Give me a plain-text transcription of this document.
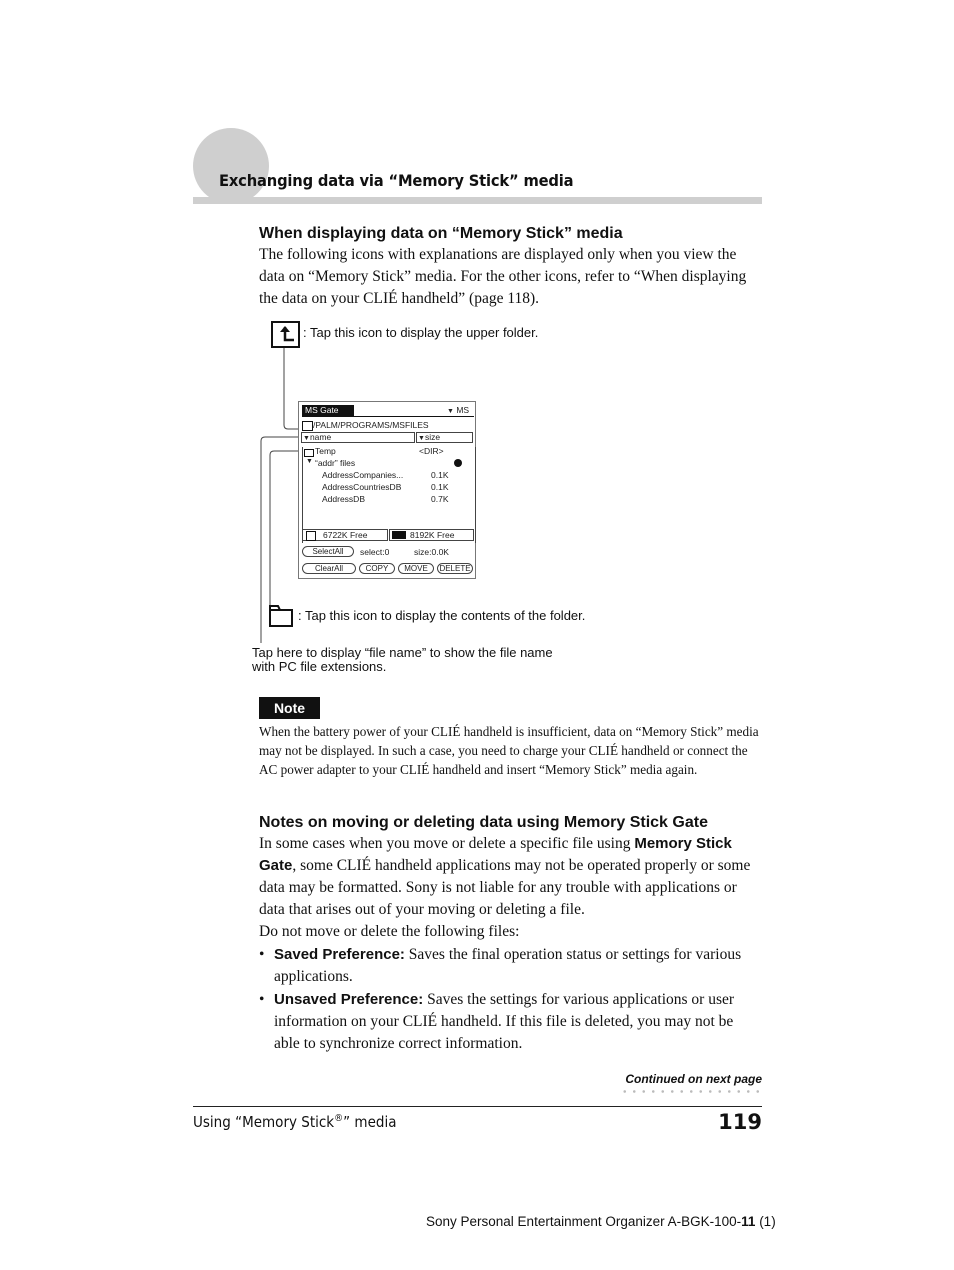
Exchanging data via “Memory Stick” media
When displaying data on “Memory Stick” media

The following icons with explanations are displayed only when you view the data on “Memory Stick” media. For the other icons, refer to “When displaying the data on your CLIÉ handheld” (page 118).

: Tap this icon to display the upper folder.
MS Gate	▼ MS
/PALM/PROGRAMS/MSFILES
▼name	▼size
Temp	<DIR>
▼ “addr” files
AddressCompanies...	0.1K
AddressCountriesDB	0.1K
AddressDB	0.7K
6722K Free	8192K Free
SelectAll	select:0	size:0.0K
ClearAll	COPY	MOVE	DELETE
: Tap this icon to display the contents of the folder.
Tap here to display “file name” to show the file name
with PC file extensions.
Note

When the battery power of your CLIÉ handheld is insufficient, data on “Memory Stick” media may not be displayed. In such a case, you need to charge your CLIÉ handheld or connect the AC power adapter to your CLIÉ handheld and insert “Memory Stick” media again.

Notes on moving or deleting data using Memory Stick Gate

In some cases when you move or delete a specific file using Memory Stick Gate, some CLIÉ handheld applications may not be operated properly or some data may be formatted. Sony is not liable for any trouble with applications or data that arises out of your moving or deleting a file.

Do not move or delete the following files:

• Saved Preference: Saves the final operation status or settings for various applications.
• Unsaved Preference: Saves the settings for various applications or user information on your CLIÉ handheld. If this file is deleted, you may not be able to synchronize correct information.
Continued on next page
Using “Memory Stick®” media	119
Sony Personal Entertainment Organizer A-BGK-100-11 (1)
